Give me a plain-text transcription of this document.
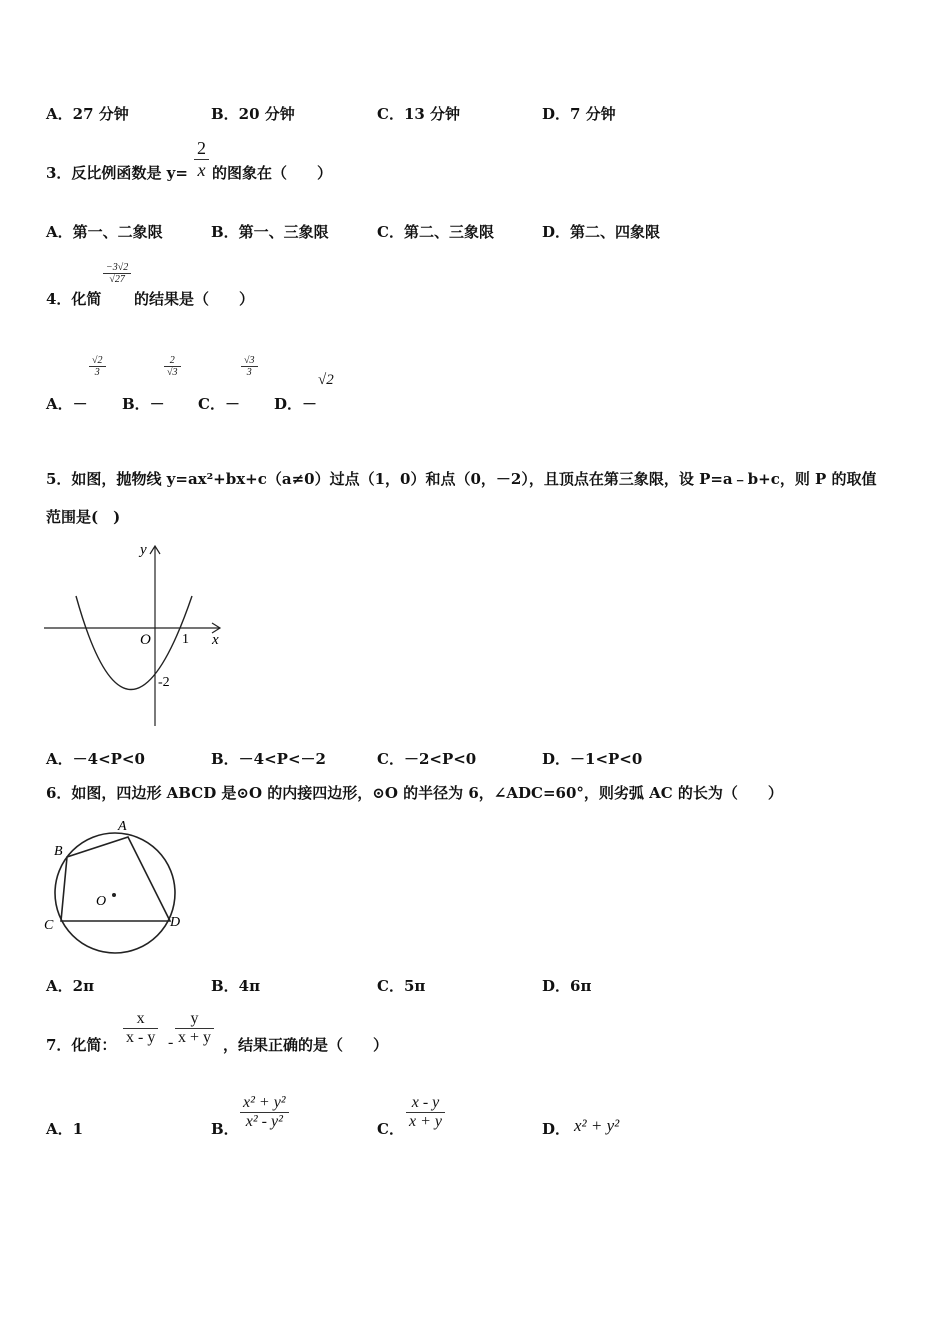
A．27 分钟	B．20 分钟	C．13 分钟	D．7 分钟
3．反比例函数是 $y= \frac{2}{x}$ 的图象在（　　）
A．第一、二象限	B．第一、三象限	C．第二、三象限	D．第二、四象限
4．化简
$\frac{-3√2}{√27}$
的结果是（　　）
A．－
$\frac{√2}{3}$
B．－
$\frac{2}{√3}$
C．－
$\frac{√3}{3}$
D．－
√2
5．如图，抛物线 y=ax²+bx+c（a≠0）过点（1，0）和点（0，－2），且顶点在第三象限，设 P=a﹣b+c，则 P 的取值
范围是(　)
y
x
O 1
-2
A．－4<P<0	B．－4<P<－2	C．－2<P<0	D．－1<P<0
6．如图，四边形 ABCD 是⊙O 的内接四边形，⊙O 的半径为 6，∠ADC=60°，则劣弧 AC 的长为（　　）
A
B
C	D
O
A．2π	B．4π	C．5π	D．6π
7．化简： $\frac{x}{x - y} - \frac{y}{x + y}$ ，结果正确的是（　　）
A．1	B． $\frac{\text{x² + y²}}{\text{x² - y²}}$	C． $\frac{x - y}{x + y}$	D． x² + y²
